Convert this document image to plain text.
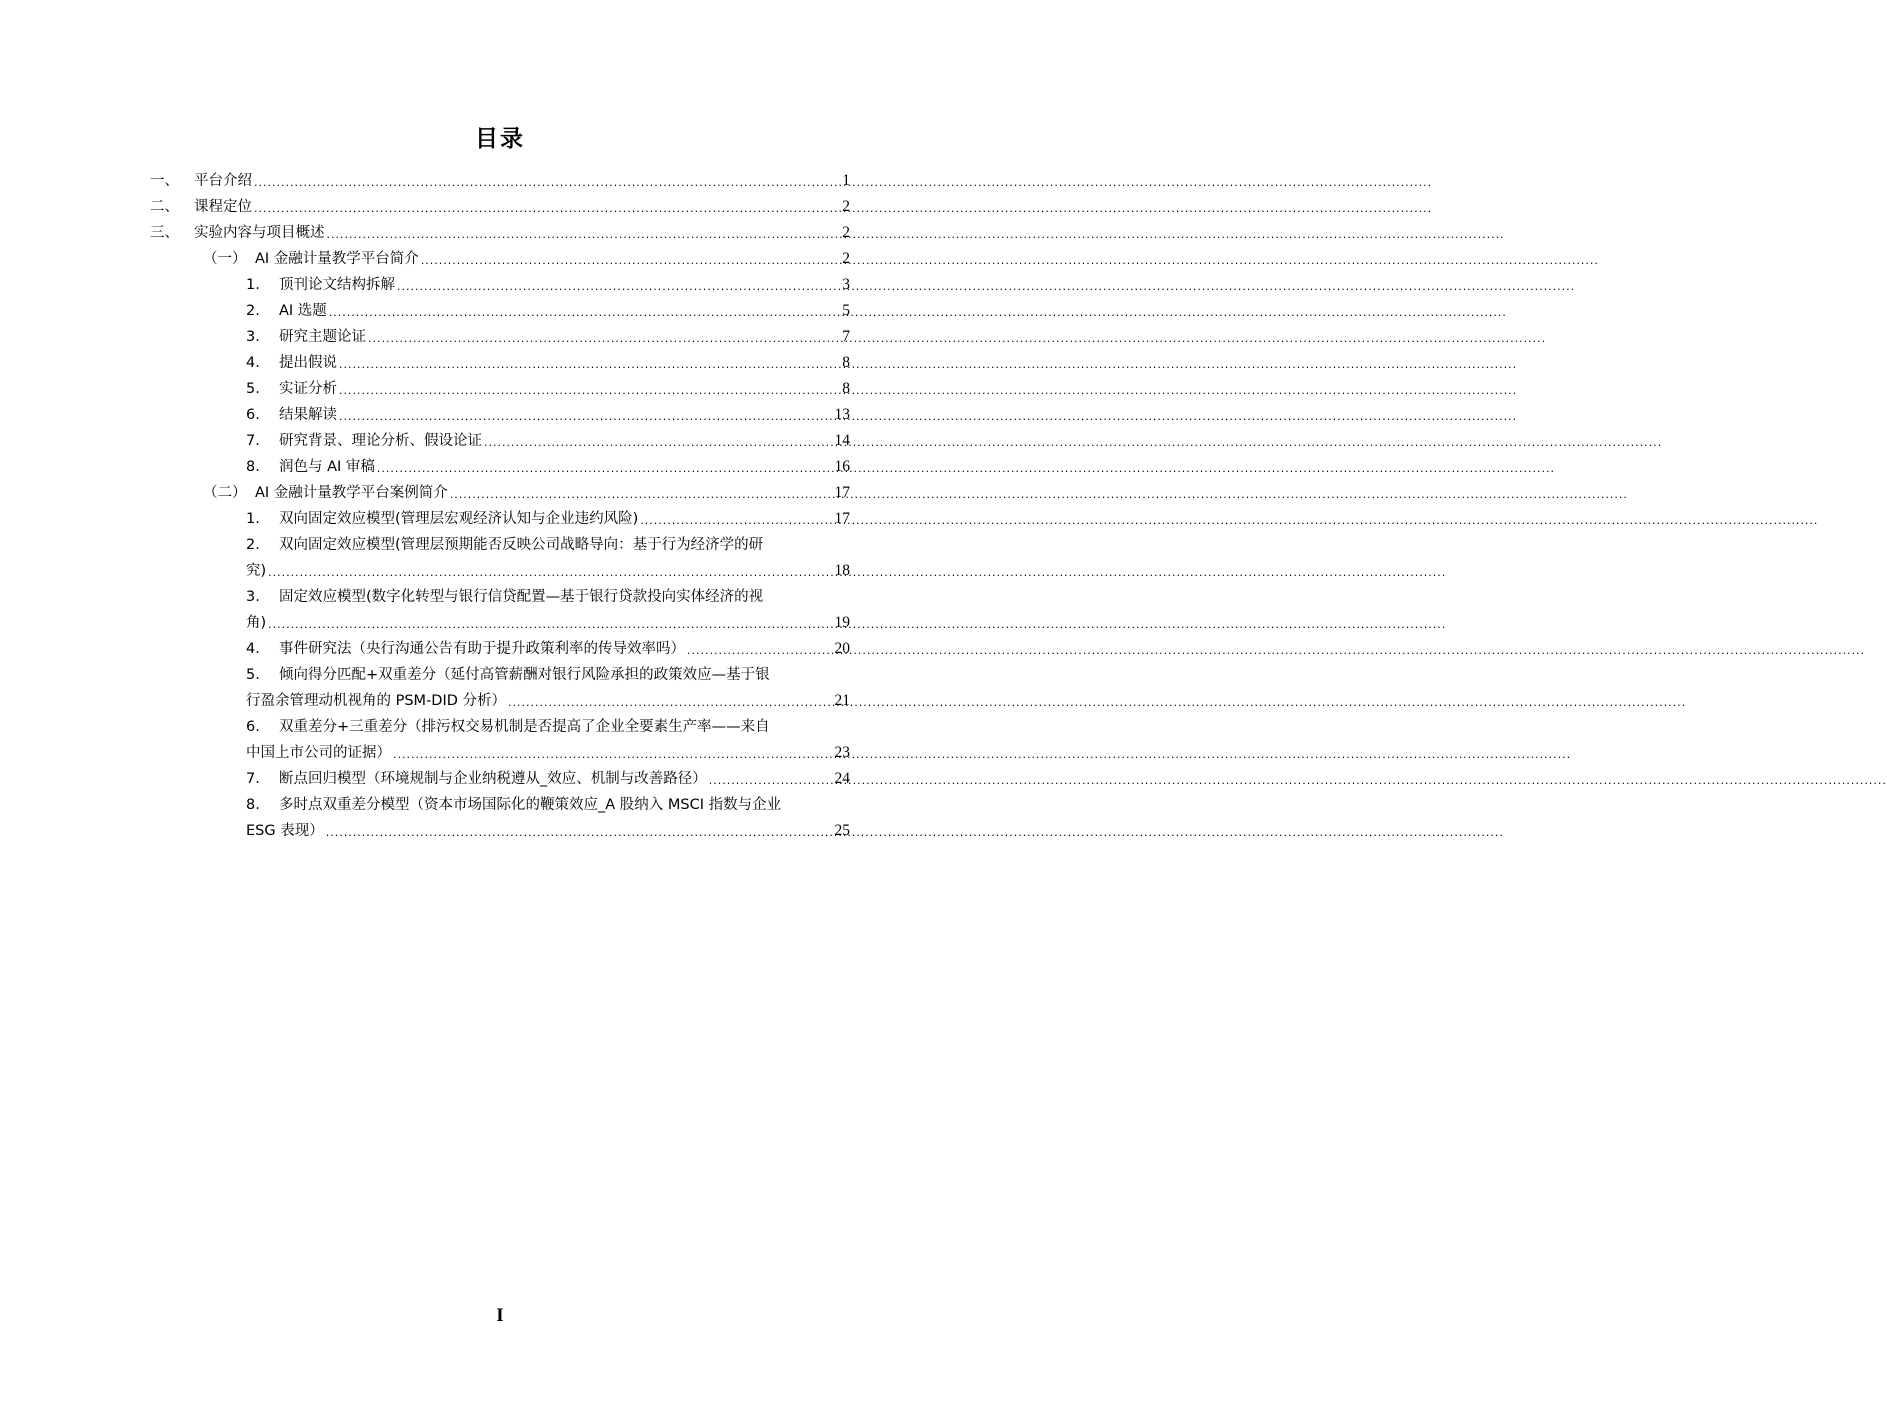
目录
一、	平台介绍 .....	1
二、	课程定位 .....	2
三、	实验内容与项目概述 .....	2
（一） AI 金融计量教学平台简介 .....	2
1.	顶刊论文结构拆解 .....	3
2.	AI 选题 .....	5
3.	研究主题论证 .....	7
4.	提出假说 .....	8
5.	实证分析 .....	8
6.	结果解读 .....	13
7.	研究背景、理论分析、假设论证 .....	14
8.	润色与 AI 审稿 .....	16
（二） AI 金融计量教学平台案例简介 .....	17
1.	双向固定效应模型(管理层宏观经济认知与企业违约风险) .....	17
2. 双向固定效应模型(管理层预期能否反映公司战略导向：基于行为经济学的研
究) .....	18
3. 固定效应模型(数字化转型与银行信贷配置—基于银行贷款投向实体经济的视
角) .....	19
4.	事件研究法（央行沟通公告有助于提升政策利率的传导效率吗） .....	20
5. 倾向得分匹配+双重差分（延付高管薪酬对银行风险承担的政策效应—基于银
行盈余管理动机视角的 PSM-DID 分析） .....	21
6. 双重差分+三重差分（排污权交易机制是否提高了企业全要素生产率——来自
中国上市公司的证据） .....	23
7.	断点回归模型（环境规制与企业纳税遵从_效应、机制与改善路径） .....	24
8. 多时点双重差分模型（资本市场国际化的鞭策效应_A 股纳入 MSCI 指数与企业
ESG 表现） .....	25
I
